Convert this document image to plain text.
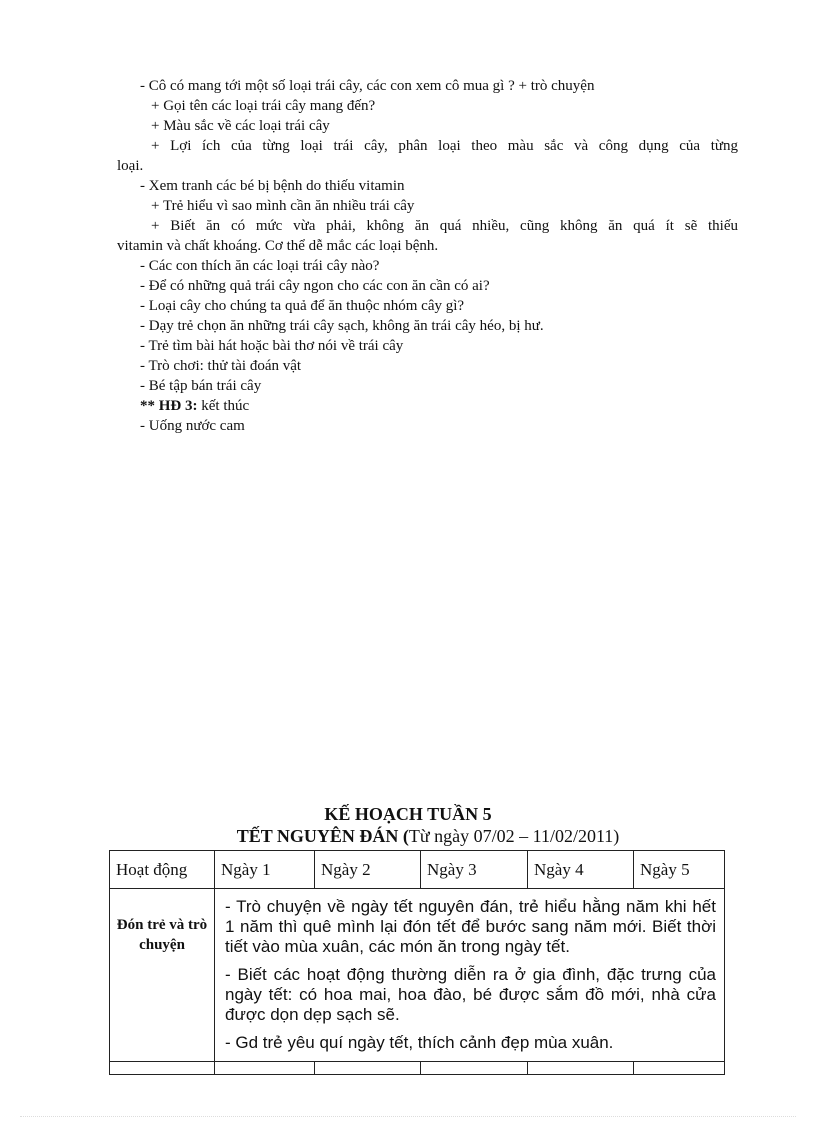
- Cô có mang tới một số loại trái cây, các con xem cô mua gì ? + trò chuyện
+ Gọi tên các loại trái cây mang đến?
+ Màu sắc về các loại trái cây
+ Lợi ích của từng loại trái cây, phân loại theo màu sắc và công dụng của từng
loại.
- Xem tranh các bé bị bệnh do thiếu vitamin
+ Trẻ hiểu vì sao mình cần ăn nhiều trái cây
+ Biết ăn có mức vừa phải, không ăn quá nhiều, cũng không ăn quá ít sẽ thiếu
vitamin và chất khoáng. Cơ thể dễ mắc các loại bệnh.
- Các con thích ăn các loại trái cây nào?
- Để có những quả trái cây ngon cho các con ăn cần có ai?
- Loại cây cho chúng ta quả để ăn thuộc nhóm cây gì?
- Dạy trẻ chọn ăn những trái cây sạch, không ăn trái cây héo, bị hư.
- Trẻ tìm bài hát hoặc bài thơ nói về trái cây
- Trò chơi: thử tài đoán vật
- Bé tập bán trái cây
** HĐ 3: kết thúc
- Uống nước cam
KẾ HOẠCH TUẦN 5
TẾT NGUYÊN ĐÁN (Từ ngày 07/02 – 11/02/2011)
Hoạt động	Ngày 1	Ngày 2	Ngày 3	Ngày 4	Ngày 5
Đón trẻ và trò chuyện	- Trò chuyện về ngày tết nguyên đán, trẻ hiểu hằng năm khi hết 1 năm thì quê mình lại đón tết để bước sang năm mới. Biết thời tiết vào mùa xuân, các món ăn trong ngày tết.

- Biết các hoạt động thường diễn ra ở gia đình, đặc trưng của ngày tết: có hoa mai, hoa đào, bé được sắm đồ mới, nhà cửa được dọn dẹp sạch sẽ.

- Gd trẻ yêu quí ngày tết, thích cảnh đẹp mùa xuân.				
